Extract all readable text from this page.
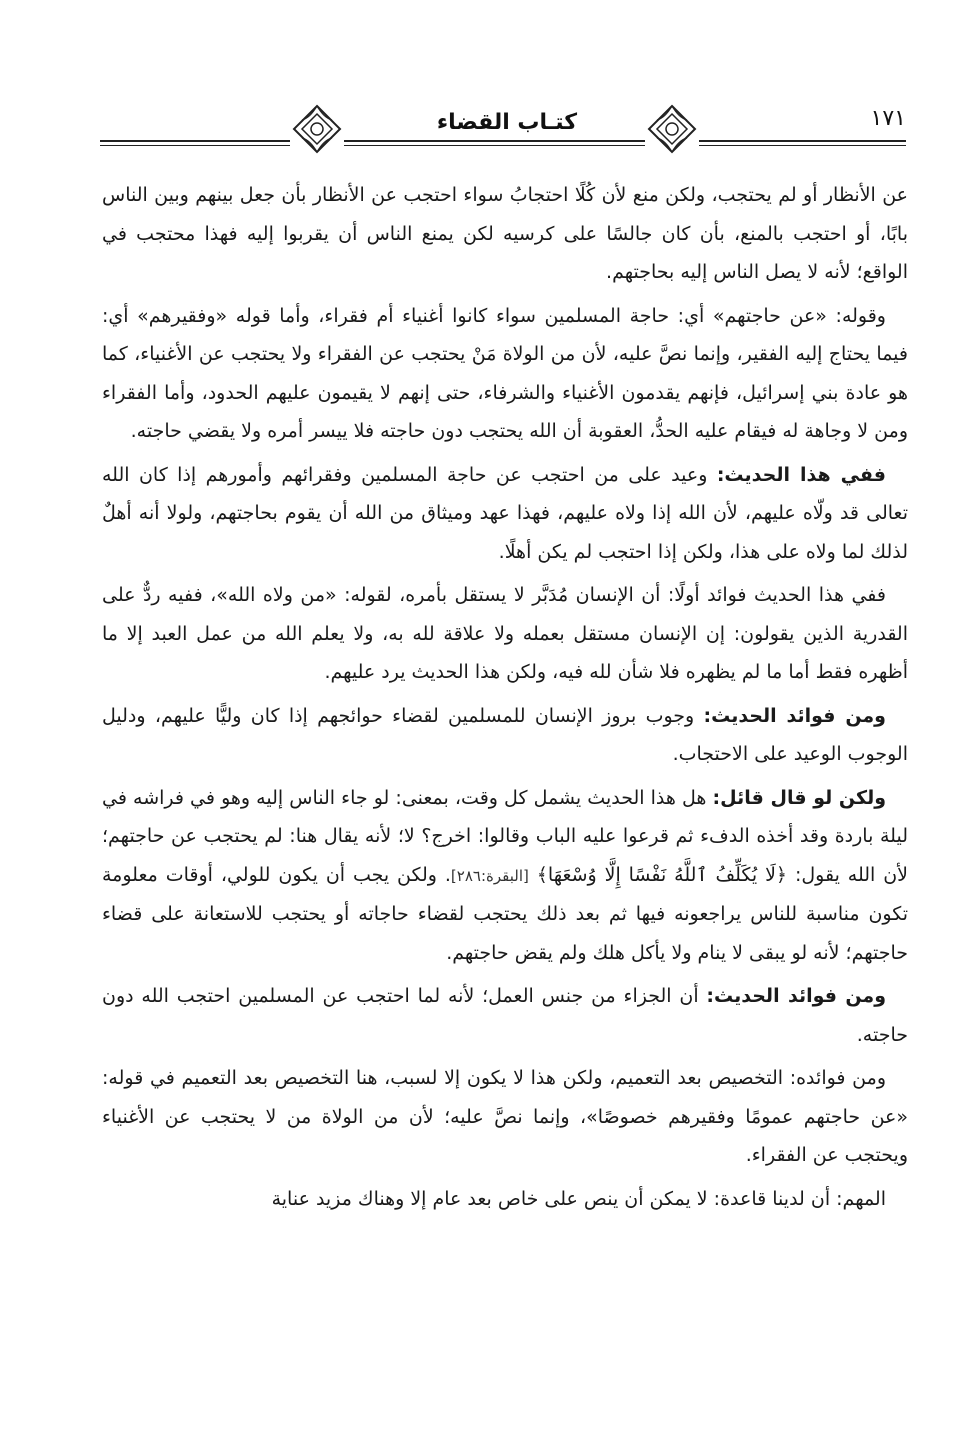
كتـاب القضاء	١٧١

عن الأنظار أو لم يحتجب، ولكن منع لأن كُلًا احتجابُ سواء احتجب عن الأنظار بأن جعل بينهم وبين الناس بابًا، أو احتجب بالمنع، بأن كان جالسًا على كرسيه لكن يمنع الناس أن يقربوا إليه فهذا محتجب في الواقع؛ لأنه لا يصل الناس إليه بحاجتهم.

وقوله: «عن حاجتهم» أي: حاجة المسلمين سواء كانوا أغنياء أم فقراء، وأما قوله «وفقيرهم» أي: فيما يحتاج إليه الفقير، وإنما نصَّ عليه، لأن من الولاة مَنْ يحتجب عن الفقراء ولا يحتجب عن الأغنياء، كما هو عادة بني إسرائيل، فإنهم يقدمون الأغنياء والشرفاء، حتى إنهم لا يقيمون عليهم الحدود، وأما الفقراء ومن لا وجاهة له فيقام عليه الحدُّ، العقوبة أن الله يحتجب دون حاجته فلا ييسر أمره ولا يقضي حاجته.

ففي هذا الحديث: وعيد على من احتجب عن حاجة المسلمين وفقرائهم وأمورهم إذا كان الله تعالى قد ولّاه عليهم، لأن الله إذا ولاه عليهم، فهذا عهد وميثاق من الله أن يقوم بحاجتهم، ولولا أنه أهلٌ لذلك لما ولاه على هذا، ولكن إذا احتجب لم يكن أهلًا.

ففي هذا الحديث فوائد أولًا: أن الإنسان مُدَبَّر لا يستقل بأمره، لقوله: «من ولاه الله»، ففيه ردٌّ على القدرية الذين يقولون: إن الإنسان مستقل بعمله ولا علاقة لله به، ولا يعلم الله من عمل العبد إلا ما أظهره فقط أما ما لم يظهره فلا شأن لله فيه، ولكن هذا الحديث يرد عليهم.

ومن فوائد الحديث: وجوب بروز الإنسان للمسلمين لقضاء حوائجهم إذا كان وليًّا عليهم، ودليل الوجوب الوعيد على الاحتجاب.

ولكن لو قال قائل: هل هذا الحديث يشمل كل وقت، بمعنى: لو جاء الناس إليه وهو في فراشه في ليلة باردة وقد أخذه الدفء ثم قرعوا عليه الباب وقالوا: اخرج؟ لا؛ لأنه يقال هنا: لم يحتجب عن حاجتهم؛ لأن الله يقول: ﴿لَا يُكَلِّفُ ٱللَّهُ نَفْسًا إِلَّا وُسْعَهَا﴾ [البقرة:٢٨٦]. ولكن يجب أن يكون للولي، أوقات معلومة تكون مناسبة للناس يراجعونه فيها ثم بعد ذلك يحتجب لقضاء حاجاته أو يحتجب للاستعانة على قضاء حاجتهم؛ لأنه لو يبقى لا ينام ولا يأكل هلك ولم يقض حاجتهم.

ومن فوائد الحديث: أن الجزاء من جنس العمل؛ لأنه لما احتجب عن المسلمين احتجب الله دون حاجته.

ومن فوائده: التخصيص بعد التعميم، ولكن هذا لا يكون إلا لسبب، هنا التخصيص بعد التعميم في قوله: «عن حاجتهم عمومًا وفقيرهم خصوصًا»، وإنما نصَّ عليه؛ لأن من الولاة من لا يحتجب عن الأغنياء ويحتجب عن الفقراء.

المهم: أن لدينا قاعدة: لا يمكن أن ينص على خاص بعد عام إلا وهناك مزيد عناية
